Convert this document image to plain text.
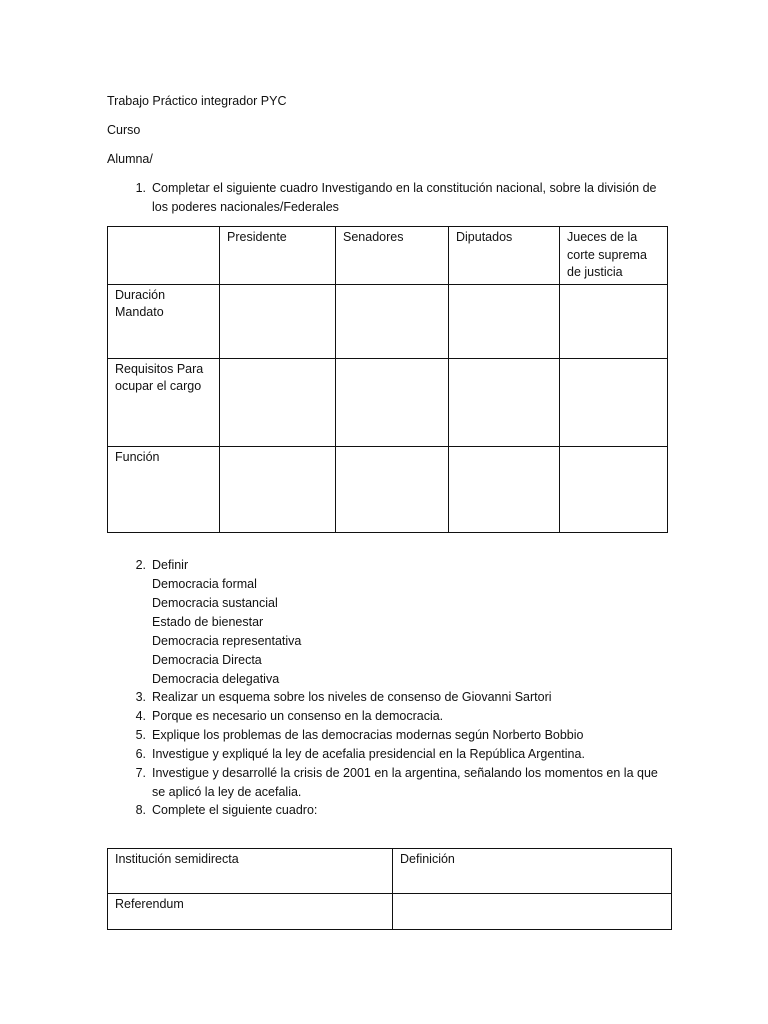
Trabajo Práctico integrador PYC
Curso
Alumna/
1. Completar el siguiente cuadro Investigando en la constitución nacional, sobre la división de los poderes nacionales/Federales
	Presidente	Senadores	Diputados	Jueces de la corte suprema de justicia
Duración Mandato				
Requisitos Para ocupar el cargo				
Función				
2. Definir
Democracia formal
Democracia sustancial
Estado de bienestar
Democracia representativa
Democracia Directa
Democracia delegativa
3. Realizar un esquema sobre los niveles de consenso de Giovanni Sartori
4. Porque es necesario un consenso en la democracia.
5. Explique los problemas de las democracias modernas según Norberto Bobbio
6. Investigue y expliqué la ley de acefalia presidencial en la República Argentina.
7. Investigue y desarrollé la crisis de 2001 en la argentina, señalando los momentos en la que se aplicó la ley de acefalia.
8. Complete el siguiente cuadro:
Institución semidirecta	Definición
Referendum	
